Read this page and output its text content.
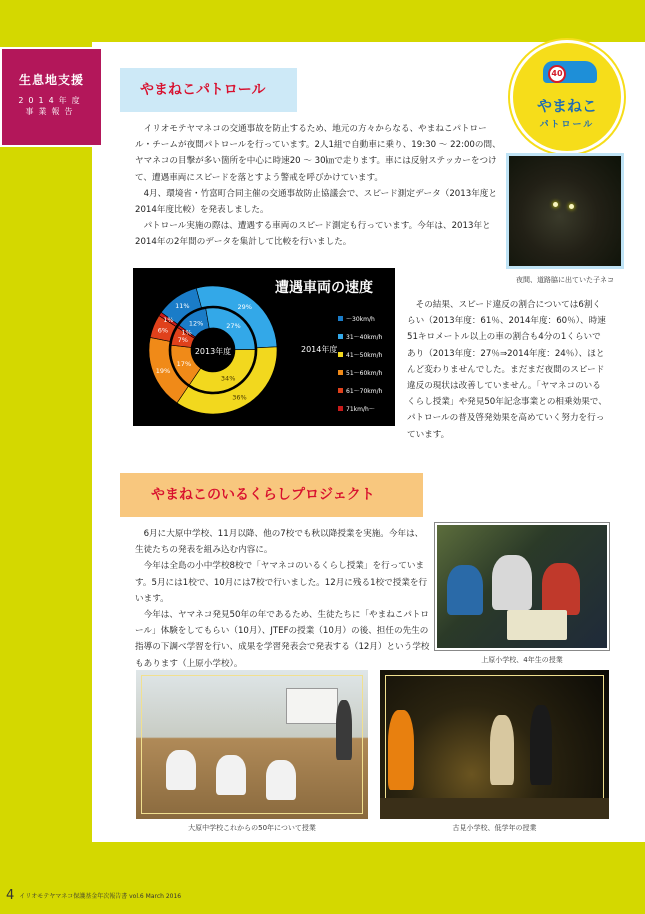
生息地支援
2014年度
事業報告
40
やまねこ
パトロール
やまねこパトロール

イリオモテヤマネコの交通事故を防止するため、地元の方々からなる、やまねこパトロール・チームが夜間パトロールを行っています。2人1組で自動車に乗り、19:30 〜 22:00の間、ヤマネコの目撃が多い箇所を中心に時速20 〜 30㎞で走ります。車には反射ステッカーをつけて、遭遇車両にスピードを落とすよう警戒を呼びかけています。

4月、環境省・竹富町合同主催の交通事故防止協議会で、スピード測定データ（2013年度と2014年度比較）を発表しました。

パトロール実施の際は、遭遇する車両のスピード測定も行っています。今年は、2013年と2014年の2年間のデータを集計して比較を行いました。

夜間、道路脇に出ていた子ネコ
遭遇車両の速度
12%	27%
34%
17%
7%
1%
11%	29%
36%
19%
6%
1%
2013年度	2014年度
〜30km/h
31〜40km/h
41〜50km/h
51〜60km/h
61〜70km/h
71km/h〜

その結果、スピード違反の割合については6割くらい（2013年度：61％、2014年度：60％）、時速51キロメートル以上の車の割合も4分の1くらいであり（2013年度：27％⇒2014年度：24％）、ほとんど変わりませんでした。まだまだ夜間のスピード違反の現状は改善していません。「ヤマネコのいるくらし授業」や発見50年記念事業との相乗効果で、パトロールの普及啓発効果を高めていく努力を行っています。

やまねこのいるくらしプロジェクト

6月に大原中学校、11月以降、他の7校でも秋以降授業を実施。今年は、生徒たちの発表を組み込む内容に。

今年は全島の小中学校8校で「ヤマネコのいるくらし授業」を行っています。5月には1校で、10月には7校で行いました。12月に残る1校で授業を行います。

今年は、ヤマネコ発見50年の年であるため、生徒たちに「やまねこパトロール」体験をしてもらい（10月）、JTEFの授業（10月）の後、担任の先生の指導の下調べ学習を行い、成果を学習発表会で発表する（12月）という学校もあります（上原小学校）。	上原小学校、4年生の授業
大原中学校これからの50年について授業	古見小学校、低学年の授業
4 イリオモテヤマネコ保護基金年次報告書 vol.6 March 2016
